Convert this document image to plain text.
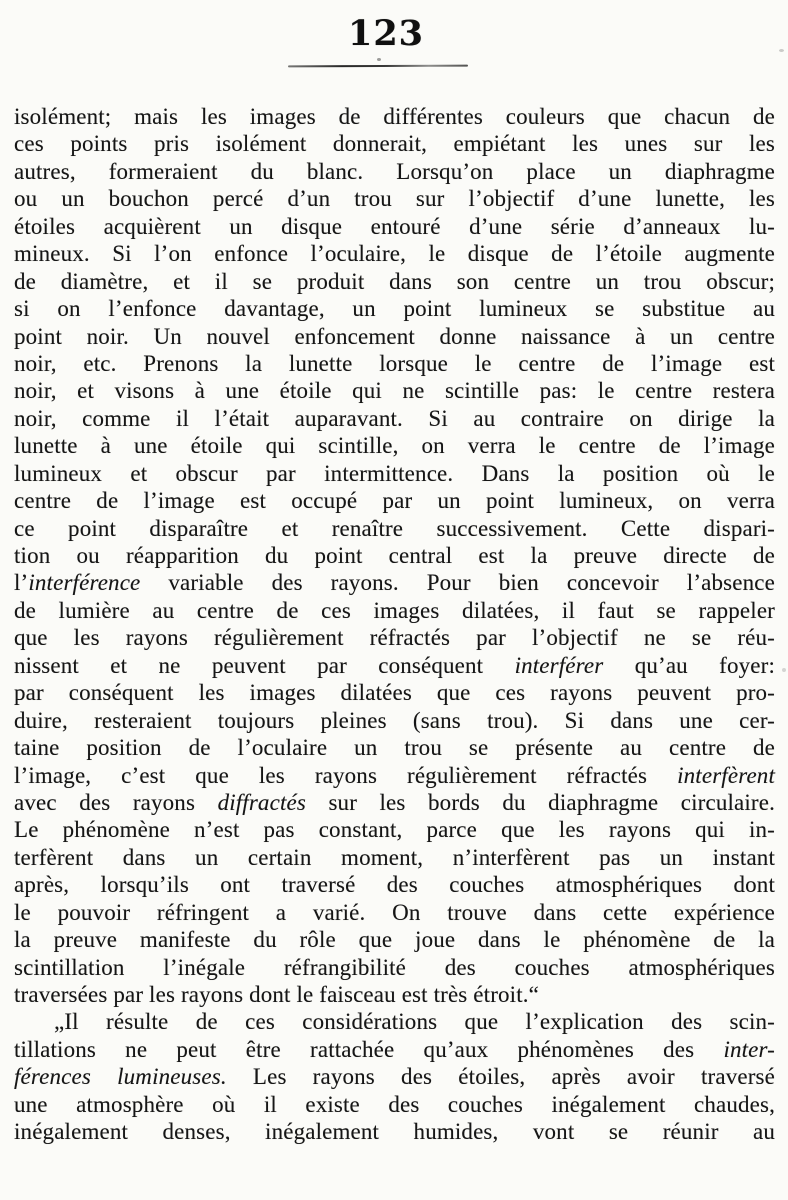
123
isolément; mais les images de différentes couleurs que chacun de
ces points pris isolément donnerait, empiétant les unes sur les
autres, formeraient du blanc. Lorsqu’on place un diaphragme
ou un bouchon percé d’un trou sur l’objectif d’une lunette, les
étoiles acquièrent un disque entouré d’une série d’anneaux lu-
mineux. Si l’on enfonce l’oculaire, le disque de l’étoile augmente
de diamètre, et il se produit dans son centre un trou obscur;
si on l’enfonce davantage, un point lumineux se substitue au
point noir. Un nouvel enfoncement donne naissance à un centre
noir, etc. Prenons la lunette lorsque le centre de l’image est
noir, et visons à une étoile qui ne scintille pas: le centre restera
noir, comme il l’était auparavant. Si au contraire on dirige la
lunette à une étoile qui scintille, on verra le centre de l’image
lumineux et obscur par intermittence. Dans la position où le
centre de l’image est occupé par un point lumineux, on verra
ce point disparaître et renaître successivement. Cette dispari-
tion ou réapparition du point central est la preuve directe de
l’interférence variable des rayons. Pour bien concevoir l’absence
de lumière au centre de ces images dilatées, il faut se rappeler
que les rayons régulièrement réfractés par l’objectif ne se réu-
nissent et ne peuvent par conséquent interférer qu’au foyer:
par conséquent les images dilatées que ces rayons peuvent pro-
duire, resteraient toujours pleines (sans trou). Si dans une cer-
taine position de l’oculaire un trou se présente au centre de
l’image, c’est que les rayons régulièrement réfractés interfèrent
avec des rayons diffractés sur les bords du diaphragme circulaire.
Le phénomène n’est pas constant, parce que les rayons qui in-
terfèrent dans un certain moment, n’interfèrent pas un instant
après, lorsqu’ils ont traversé des couches atmosphériques dont
le pouvoir réfringent a varié. On trouve dans cette expérience
la preuve manifeste du rôle que joue dans le phénomène de la
scintillation l’inégale réfrangibilité des couches atmosphériques
traversées par les rayons dont le faisceau est très étroit.“
„Il résulte de ces considérations que l’explication des scin-
tillations ne peut être rattachée qu’aux phénomènes des inter-
férences lumineuses. Les rayons des étoiles, après avoir traversé
une atmosphère où il existe des couches inégalement chaudes,
inégalement denses, inégalement humides, vont se réunir au
